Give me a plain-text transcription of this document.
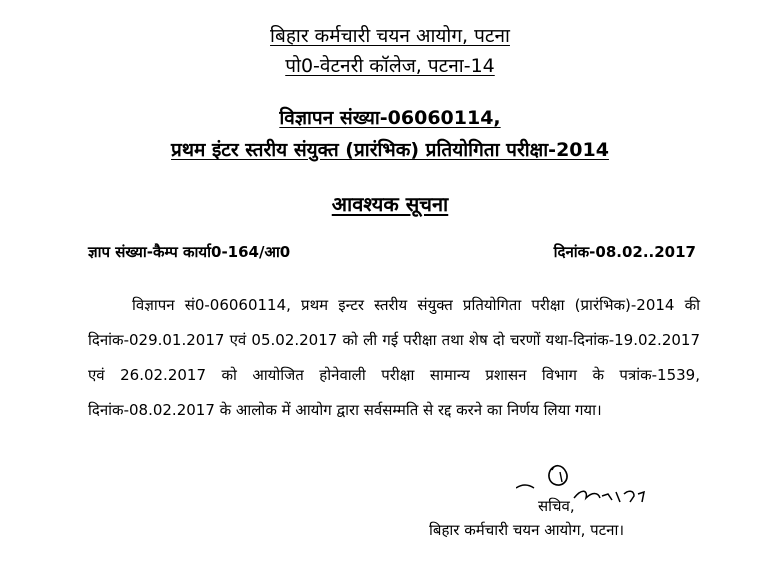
बिहार कर्मचारी चयन आयोग, पटना
पो0-वेटनरी कॉलेज, पटना-14
विज्ञापन संख्या-06060114,
प्रथम इंटर स्तरीय संयुक्त (प्रारंभिक) प्रतियोगिता परीक्षा-2014
आवश्यक सूचना
ज्ञाप संख्या-कैम्प कार्या0-164/आ0	दिनांक-08.02..2017
विज्ञापन सं0-06060114, प्रथम इन्टर स्तरीय संयुक्त प्रतियोगिता परीक्षा (प्रारंभिक)-2014 की दिनांक-029.01.2017 एवं 05.02.2017 को ली गई परीक्षा तथा शेष दो चरणों यथा-दिनांक-19.02.2017 एवं 26.02.2017 को आयोजित होनेवाली परीक्षा सामान्य प्रशासन विभाग के पत्रांक-1539, दिनांक-08.02.2017 के आलोक में आयोग द्वारा सर्वसम्मति से रद्द करने का निर्णय लिया गया।
सचिव,
बिहार कर्मचारी चयन आयोग, पटना।
